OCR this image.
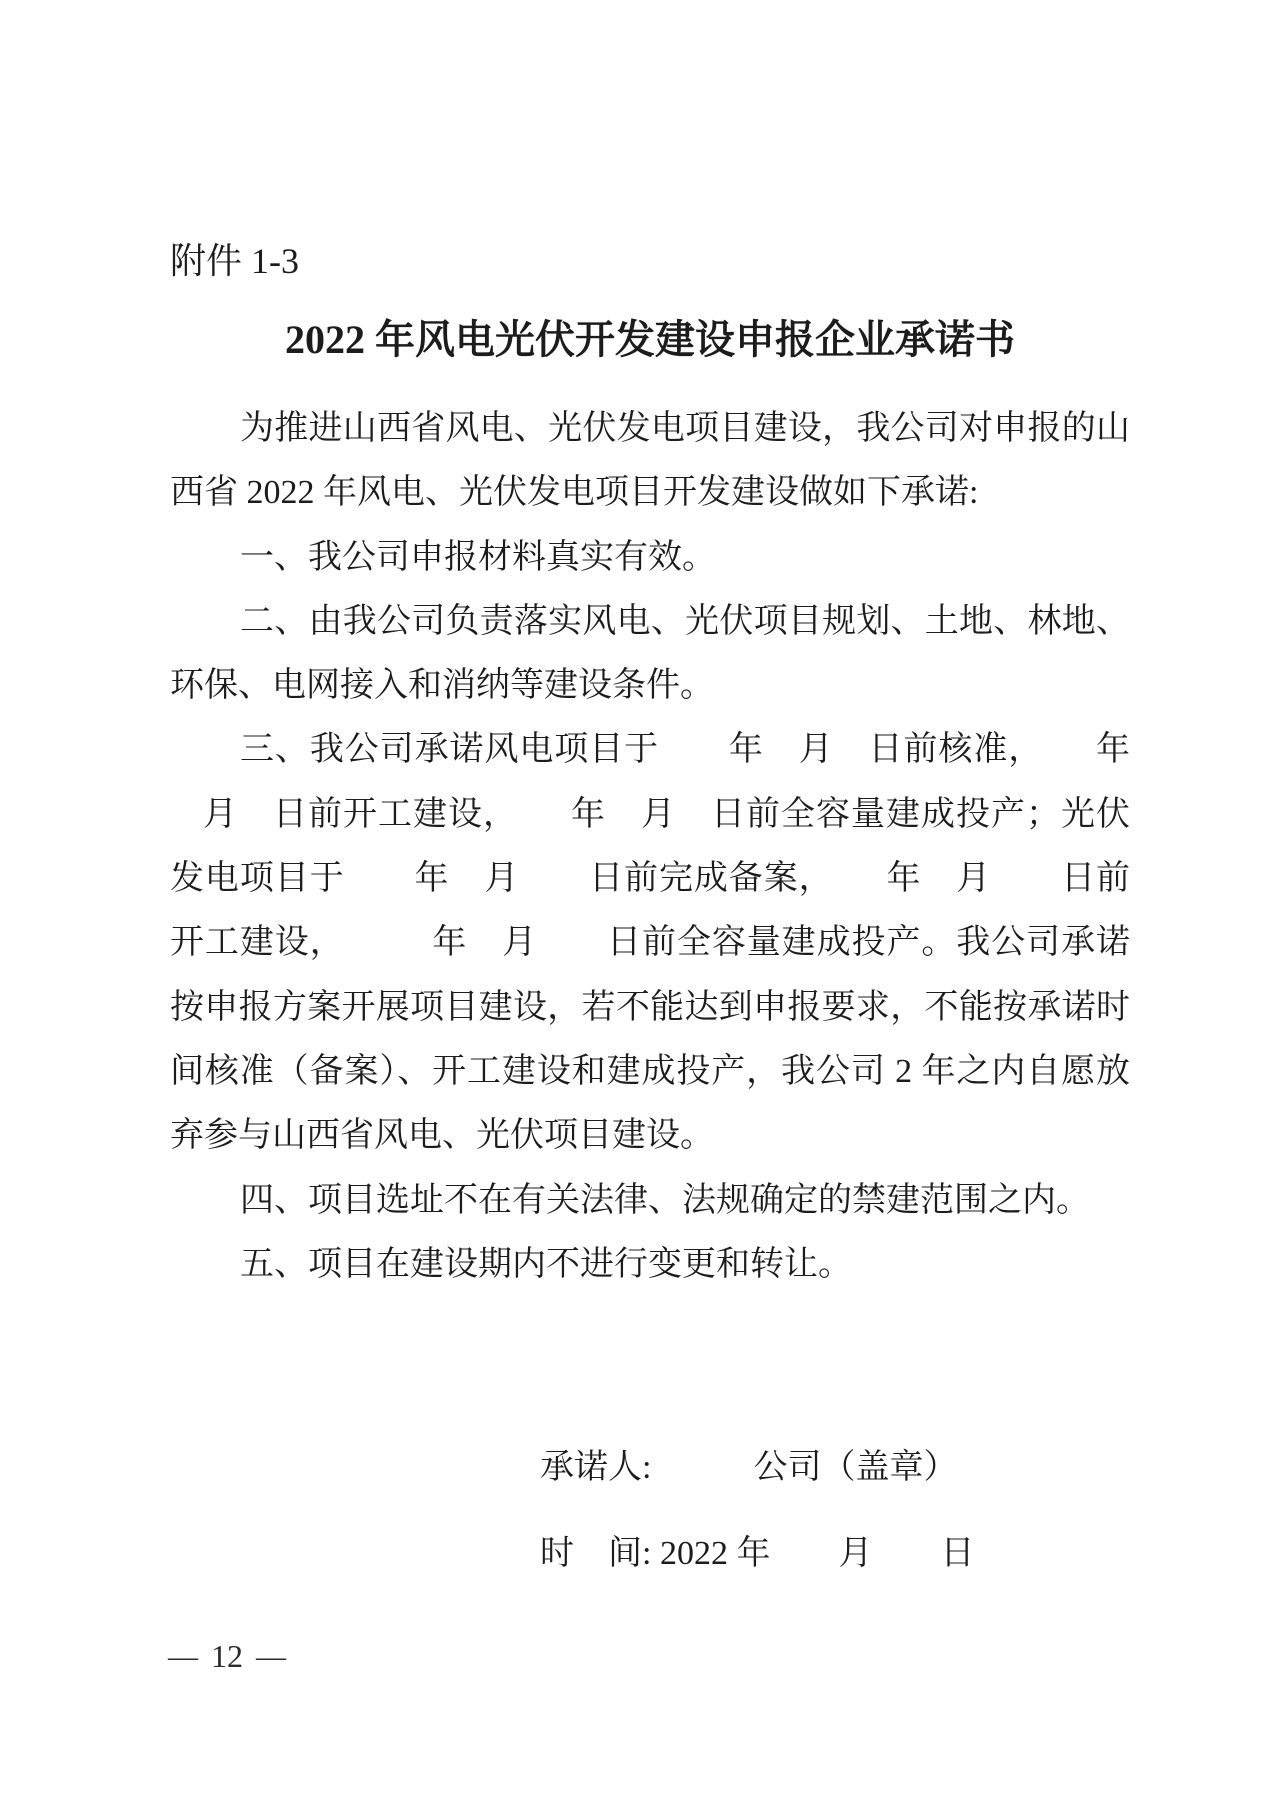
附件 1-3
2022 年风电光伏开发建设申报企业承诺书
为推进山西省风电、光伏发电项目建设，我公司对申报的山
西省 2022 年风电、光伏发电项目开发建设做如下承诺:
一、我公司申报材料真实有效。
二、由我公司负责落实风电、光伏项目规划、土地、林地、
环保、电网接入和消纳等建设条件。
三、我公司承诺风电项目于　　年　月　日前核准，　　年
月　日前开工建设，　　年　月　日前全容量建成投产；光伏
发电项目于　　年　月　　日前完成备案，　　年　月　　日前
开工建设，　　　年　月　　日前全容量建成投产。我公司承诺
按申报方案开展项目建设，若不能达到申报要求，不能按承诺时
间核准（备案）、开工建设和建成投产，我公司 2 年之内自愿放
弃参与山西省风电、光伏项目建设。
四、项目选址不在有关法律、法规确定的禁建范围之内。
五、项目在建设期内不进行变更和转让。
承诺人:　　　公司（盖章）
时　间: 2022 年　　月　　日
— 12 —
